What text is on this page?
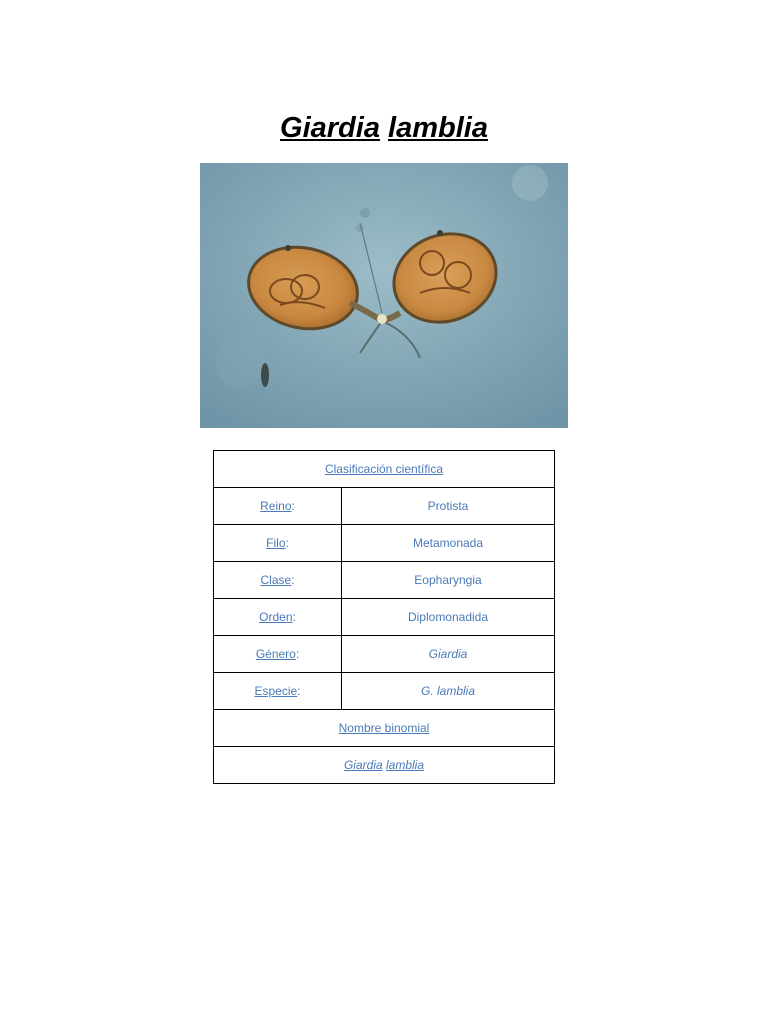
Giardia lamblia
Clasificación científica	
Reino:	Protista
Filo:	Metamonada
Clase:	Eopharyngia
Orden:	Diplomonadida
Género:	Giardia
Especie:	G. lamblia
Nombre binomial	
Giardia lamblia	
